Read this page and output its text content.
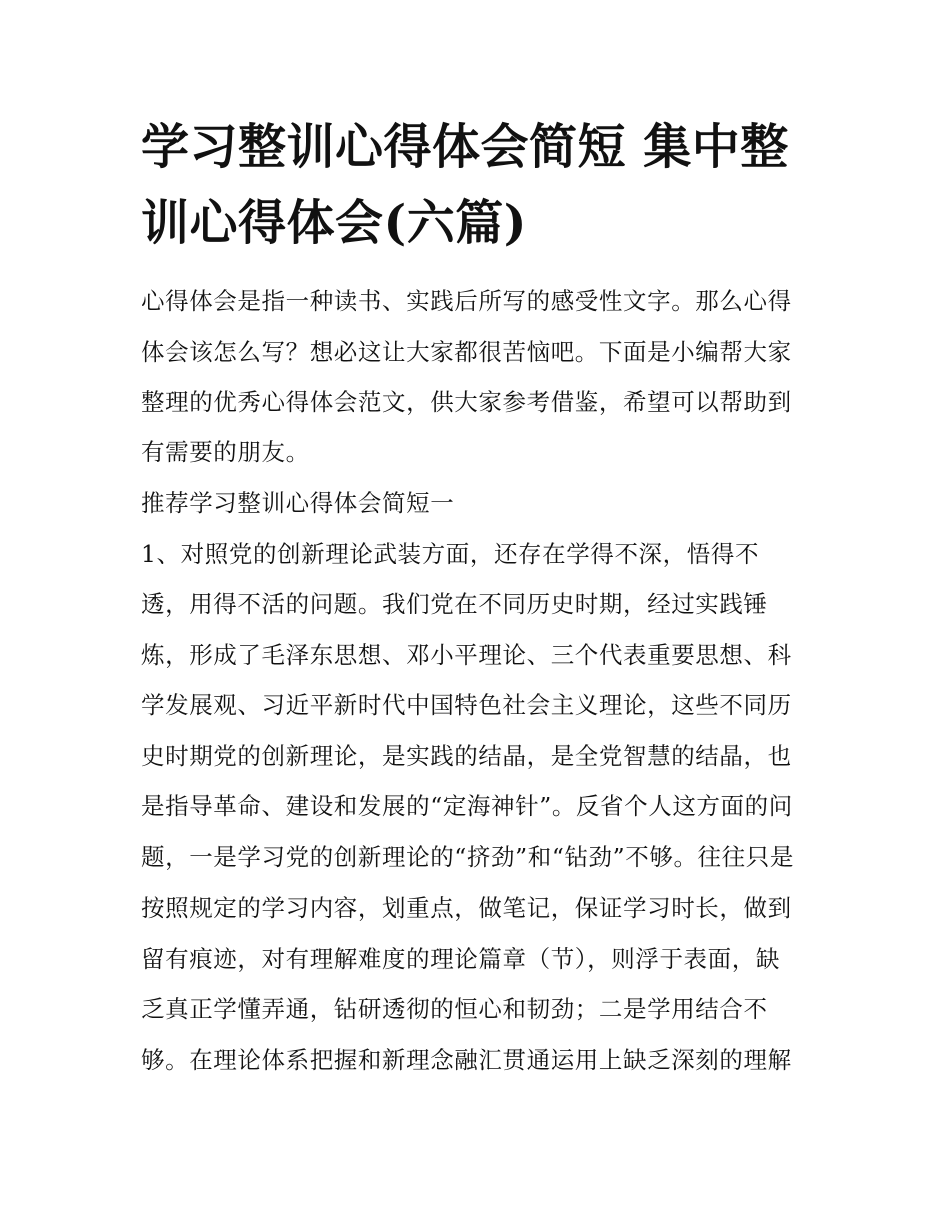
学习整训心得体会简短 集中整
训心得体会(六篇)

心得体会是指一种读书、实践后所写的感受性文字。那么心得

体会该怎么写？想必这让大家都很苦恼吧。下面是小编帮大家

整理的优秀心得体会范文，供大家参考借鉴，希望可以帮助到

有需要的朋友。

推荐学习整训心得体会简短一

1、对照党的创新理论武装方面，还存在学得不深，悟得不

透，用得不活的问题。我们党在不同历史时期，经过实践锤

炼，形成了毛泽东思想、邓小平理论、三个代表重要思想、科

学发展观、习近平新时代中国特色社会主义理论，这些不同历

史时期党的创新理论，是实践的结晶，是全党智慧的结晶，也

是指导革命、建设和发展的“定海神针”。反省个人这方面的问

题，一是学习党的创新理论的“挤劲”和“钻劲”不够。往往只是

按照规定的学习内容，划重点，做笔记，保证学习时长，做到

留有痕迹，对有理解难度的理论篇章（节），则浮于表面，缺

乏真正学懂弄通，钻研透彻的恒心和韧劲；二是学用结合不

够。在理论体系把握和新理念融汇贯通运用上缺乏深刻的理解
